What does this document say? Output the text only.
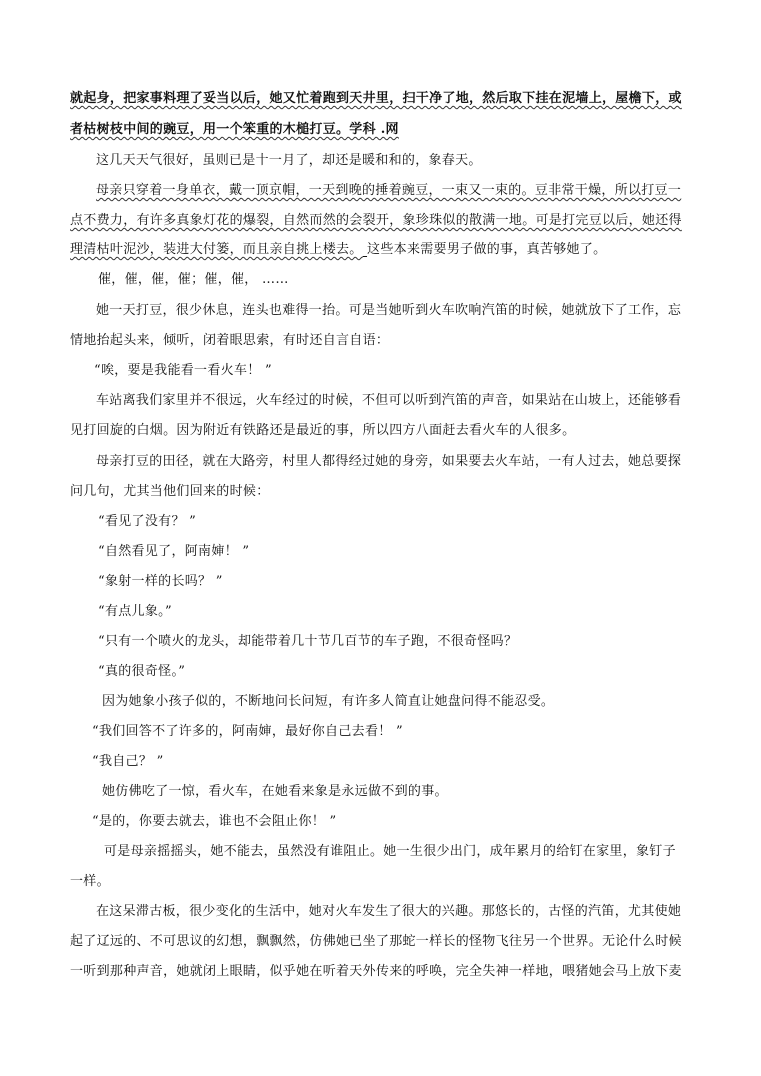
就起身，把家事料理了妥当以后，她又忙着跑到天井里，扫干净了地，然后取下挂在泥墙上，屋檐下，或
者枯树枝中间的豌豆，用一个笨重的木槌打豆。学科 .网
这几天天气很好，虽则已是十一月了，却还是暖和和的，象春天。
母亲只穿着一身单衣，戴一顶京帽，一天到晚的捶着豌豆，一束又一束的。豆非常干燥，所以打豆一
点不费力，有许多真象灯花的爆裂，自然而然的会裂开，象珍珠似的散满一地。可是打完豆以后，她还得
理清枯叶泥沙，装进大付篓，而且亲自挑上楼去。 这些本来需要男子做的事，真苦够她了。
催，催，催，催；催，催， ……
她一天打豆，很少休息，连头也难得一抬。可是当她听到火车吹响汽笛的时候，她就放下了工作，忘
情地抬起头来，倾听，闭着眼思索，有时还自言自语：
“唉，要是我能看一看火车！ ”
车站离我们家里并不很远，火车经过的时候，不但可以听到汽笛的声音，如果站在山坡上，还能够看
见打回旋的白烟。因为附近有铁路还是最近的事，所以四方八面赶去看火车的人很多。
母亲打豆的田径，就在大路旁，村里人都得经过她的身旁，如果要去火车站，一有人过去，她总要探
问几句，尤其当他们回来的时候：
“看见了没有？ ”
“自然看见了，阿南婶！ ”
“象射一样的长吗？ ”
“有点儿象。”
“只有一个喷火的龙头，却能带着几十节几百节的车子跑，不很奇怪吗？
“真的很奇怪。”
因为她象小孩子似的，不断地问长问短，有许多人简直让她盘问得不能忍受。
“我们回答不了许多的，阿南婶，最好你自己去看！ ”
“我自己？ ”
她仿佛吃了一惊，看火车，在她看来象是永远做不到的事。
“是的，你要去就去，谁也不会阻止你！ ”
可是母亲摇摇头，她不能去，虽然没有谁阻止。她一生很少出门，成年累月的给钉在家里，象钉子
一样。
在这呆滞古板，很少变化的生活中，她对火车发生了很大的兴趣。那悠长的，古怪的汽笛，尤其使她
起了辽远的、不可思议的幻想，飘飘然，仿佛她已坐了那蛇一样长的怪物飞往另一个世界。无论什么时候
一听到那种声音，她就闭上眼睛，似乎她在听着天外传来的呼唤，完全失神一样地，喂猪她会马上放下麦
